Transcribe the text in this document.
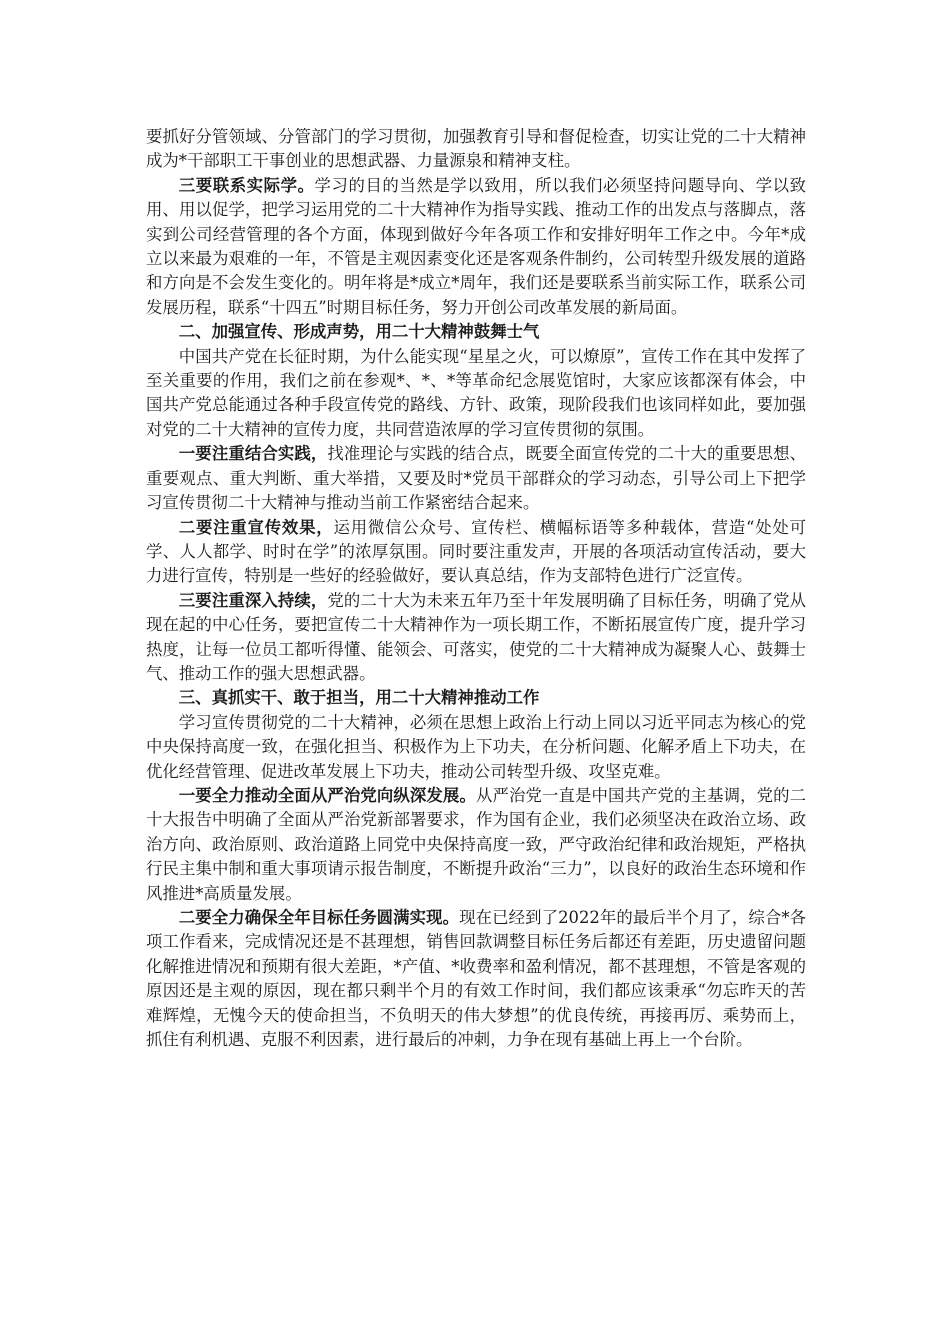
要抓好分管领域、分管部门的学习贯彻，加强教育引导和督促检查，切实让党的二十大精神成为*干部职工干事创业的思想武器、力量源泉和精神支柱。

三要联系实际学。学习的目的当然是学以致用，所以我们必须坚持问题导向、学以致用、用以促学，把学习运用党的二十大精神作为指导实践、推动工作的出发点与落脚点，落实到公司经营管理的各个方面，体现到做好今年各项工作和安排好明年工作之中。今年*成立以来最为艰难的一年，不管是主观因素变化还是客观条件制约，公司转型升级发展的道路和方向是不会发生变化的。明年将是*成立*周年，我们还是要联系当前实际工作，联系公司发展历程，联系“十四五”时期目标任务，努力开创公司改革发展的新局面。

二、加强宣传、形成声势，用二十大精神鼓舞士气

中国共产党在长征时期，为什么能实现“星星之火，可以燎原”，宣传工作在其中发挥了至关重要的作用，我们之前在参观*、*、*等革命纪念展览馆时，大家应该都深有体会，中国共产党总能通过各种手段宣传党的路线、方针、政策，现阶段我们也该同样如此，要加强对党的二十大精神的宣传力度，共同营造浓厚的学习宣传贯彻的氛围。

一要注重结合实践，找准理论与实践的结合点，既要全面宣传党的二十大的重要思想、重要观点、重大判断、重大举措，又要及时*党员干部群众的学习动态，引导公司上下把学习宣传贯彻二十大精神与推动当前工作紧密结合起来。

二要注重宣传效果，运用微信公众号、宣传栏、横幅标语等多种载体，营造“处处可学、人人都学、时时在学”的浓厚氛围。同时要注重发声，开展的各项活动宣传活动，要大力进行宣传，特别是一些好的经验做好，要认真总结，作为支部特色进行广泛宣传。

三要注重深入持续，党的二十大为未来五年乃至十年发展明确了目标任务，明确了党从现在起的中心任务，要把宣传二十大精神作为一项长期工作，不断拓展宣传广度，提升学习热度，让每一位员工都听得懂、能领会、可落实，使党的二十大精神成为凝聚人心、鼓舞士气、推动工作的强大思想武器。

三、真抓实干、敢于担当，用二十大精神推动工作

学习宣传贯彻党的二十大精神，必须在思想上政治上行动上同以习近平同志为核心的党中央保持高度一致，在强化担当、积极作为上下功夫，在分析问题、化解矛盾上下功夫，在优化经营管理、促进改革发展上下功夫，推动公司转型升级、攻坚克难。

一要全力推动全面从严治党向纵深发展。从严治党一直是中国共产党的主基调，党的二十大报告中明确了全面从严治党新部署要求，作为国有企业，我们必须坚决在政治立场、政治方向、政治原则、政治道路上同党中央保持高度一致，严守政治纪律和政治规矩，严格执行民主集中制和重大事项请示报告制度，不断提升政治“三力”，以良好的政治生态环境和作风推进*高质量发展。

二要全力确保全年目标任务圆满实现。现在已经到了2022年的最后半个月了，综合*各项工作看来，完成情况还是不甚理想，销售回款调整目标任务后都还有差距，历史遗留问题化解推进情况和预期有很大差距，*产值、*收费率和盈利情况，都不甚理想，不管是客观的原因还是主观的原因，现在都只剩半个月的有效工作时间，我们都应该秉承“勿忘昨天的苦难辉煌，无愧今天的使命担当，不负明天的伟大梦想”的优良传统，再接再厉、乘势而上，抓住有利机遇、克服不利因素，进行最后的冲刺，力争在现有基础上再上一个台阶。
